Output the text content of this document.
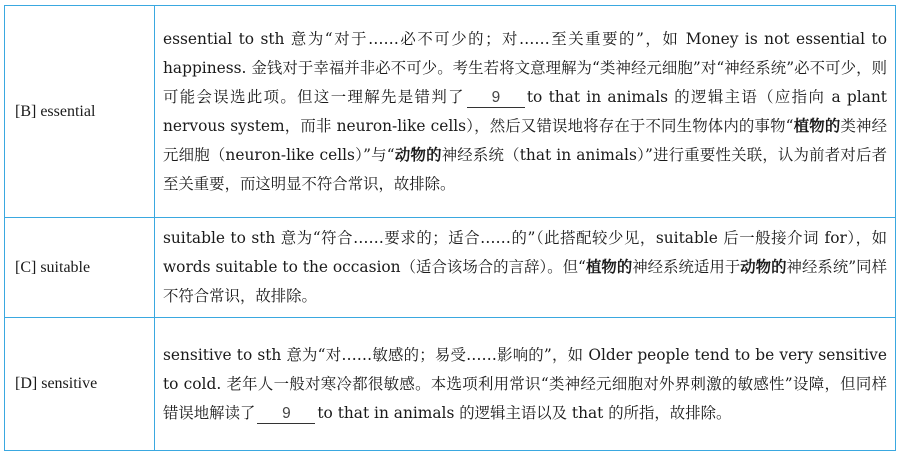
[B] essential	essential to sth 意为“对于……必不可少的；对……至关重要的”，如 Money is not essential to happiness. 金钱对于幸福并非必不可少。考生若将文意理解为“类神经元细胞”对“神经系统”必不可少，则可能会误选此项。但这一理解先是错判了 9 to that in animals 的逻辑主语（应指向 a plant nervous system，而非 neuron-like cells），然后又错误地将存在于不同生物体内的事物“植物的类神经元细胞（neuron-like cells）”与“动物的神经系统（that in animals）”进行重要性关联，认为前者对后者至关重要，而这明显不符合常识，故排除。
[C] suitable	suitable to sth 意为“符合……要求的；适合……的”（此搭配较少见，suitable 后一般接介词 for），如 words suitable to the occasion（适合该场合的言辞）。但“植物的神经系统适用于动物的神经系统”同样不符合常识，故排除。
[D] sensitive	sensitive to sth 意为“对……敏感的；易受……影响的”，如 Older people tend to be very sensitive to cold. 老年人一般对寒冷都很敏感。本选项利用常识“类神经元细胞对外界刺激的敏感性”设障，但同样错误地解读了 9 to that in animals 的逻辑主语以及 that 的所指，故排除。
